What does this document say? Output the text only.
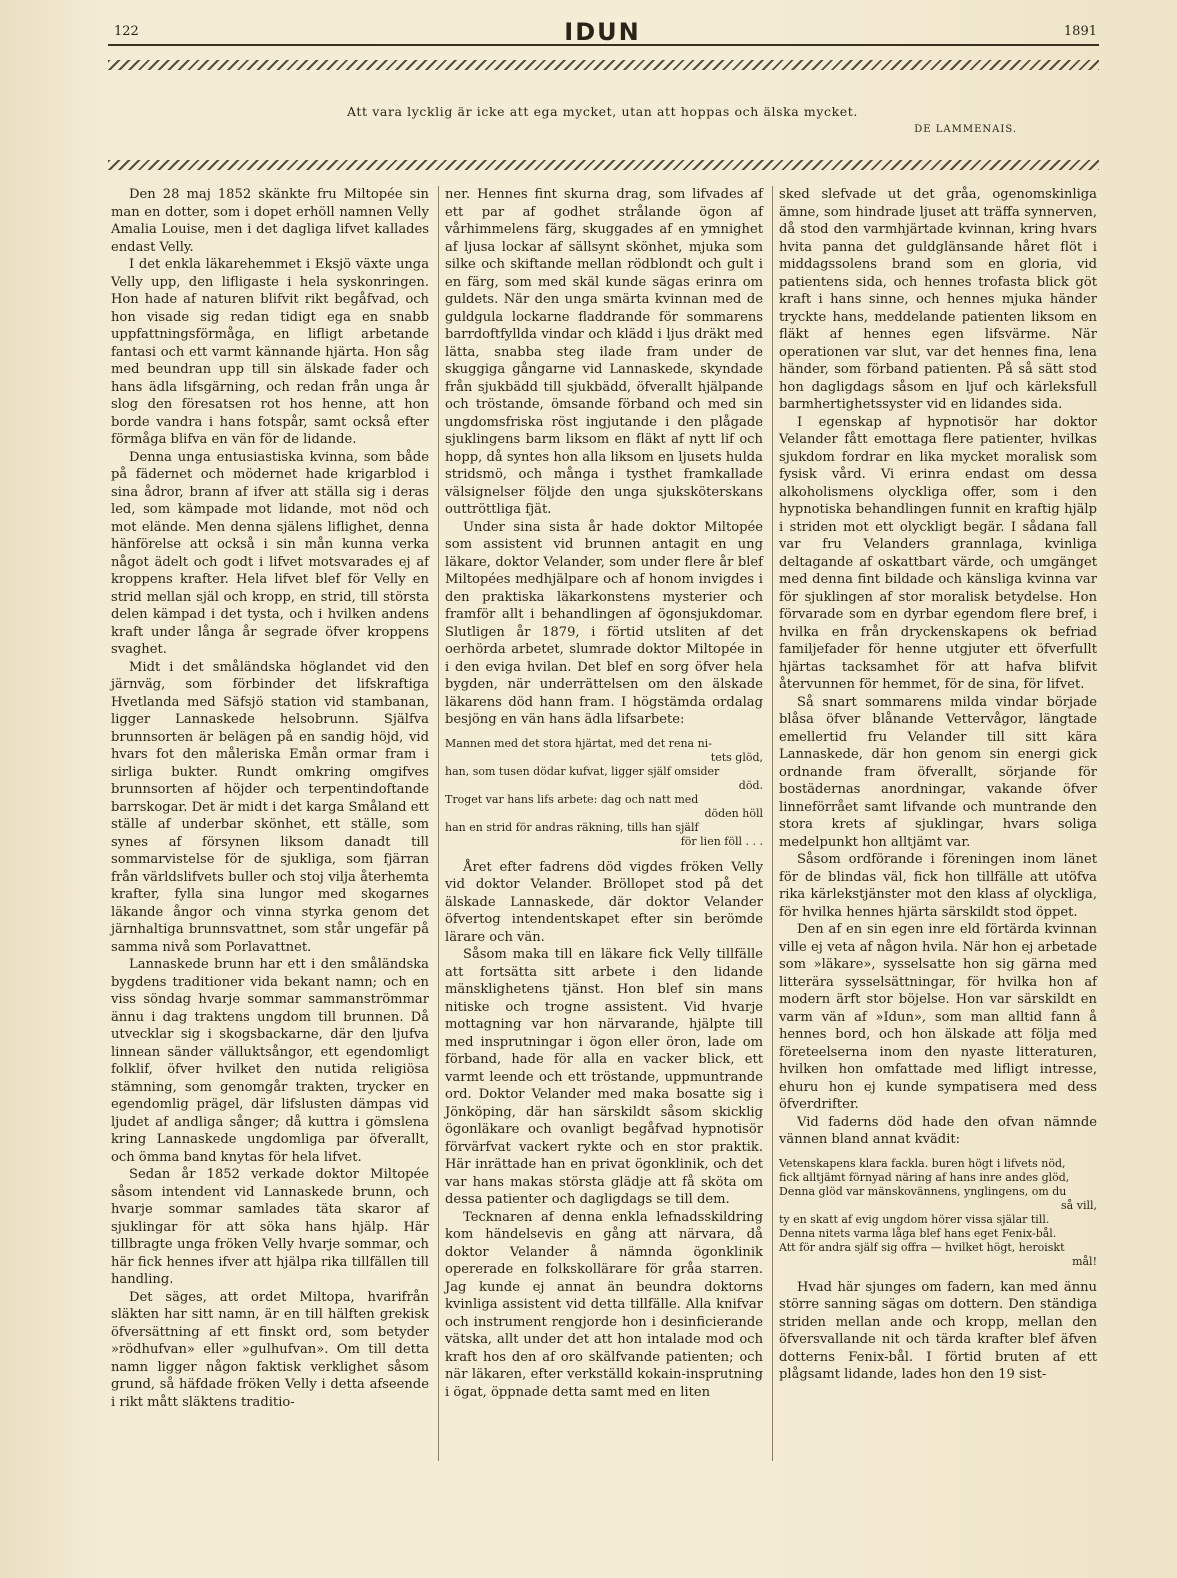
122	IDUN	1891
Att vara lycklig är icke att ega mycket, utan att hoppas och älska mycket.
DE LAMMENAIS.

Den 28 maj 1852 skänkte fru Miltopée sin man en dotter, som i dopet erhöll namnen Velly Amalia Louise, men i det dagliga lifvet kallades endast Velly.

I det enkla läkarehemmet i Eksjö växte unga Velly upp, den lifligaste i hela syskonringen. Hon hade af naturen blifvit rikt begåfvad, och hon visade sig redan tidigt ega en snabb uppfattningsförmåga, en lifligt arbetande fantasi och ett varmt kännande hjärta. Hon såg med beundran upp till sin älskade fader och hans ädla lifsgärning, och redan från unga år slog den föresatsen rot hos henne, att hon borde vandra i hans fotspår, samt också efter förmåga blifva en vän för de lidande.

Denna unga entusiastiska kvinna, som både på fädernet och mödernet hade krigarblod i sina ådror, brann af ifver att ställa sig i deras led, som kämpade mot lidande, mot nöd och mot elände. Men denna själens liflighet, denna hänförelse att också i sin mån kunna verka något ädelt och godt i lifvet motsvarades ej af kroppens krafter. Hela lifvet blef för Velly en strid mellan själ och kropp, en strid, till största delen kämpad i det tysta, och i hvilken andens kraft under långa år segrade öfver kroppens svaghet.

Midt i det småländska höglandet vid den järnväg, som förbinder det lifskraftiga Hvetlanda med Säfsjö station vid stambanan, ligger Lannaskede helsobrunn. Själfva brunnsorten är belägen på en sandig höjd, vid hvars fot den måleriska Emån ormar fram i sirliga bukter. Rundt omkring omgifves brunnsorten af höjder och terpentindoftande barrskogar. Det är midt i det karga Småland ett ställe af underbar skönhet, ett ställe, som synes af försynen liksom danadt till sommarvistelse för de sjukliga, som fjärran från världslifvets buller och stoj vilja återhemta krafter, fylla sina lungor med skogarnes läkande ångor och vinna styrka genom det järnhaltiga brunnsvattnet, som står ungefär på samma nivå som Porlavattnet.

Lannaskede brunn har ett i den småländska bygdens traditioner vida bekant namn; och en viss söndag hvarje sommar sammanströmmar ännu i dag traktens ungdom till brunnen. Då utvecklar sig i skogsbackarne, där den ljufva linnean sänder välluktsångor, ett egendomligt folklif, öfver hvilket den nutida religiösa stämning, som genomgår trakten, trycker en egendomlig prägel, där lifslusten dämpas vid ljudet af andliga sånger; då kuttra i gömslena kring Lannaskede ungdomliga par öfverallt, och ömma band knytas för hela lifvet.

Sedan år 1852 verkade doktor Miltopée såsom intendent vid Lannaskede brunn, och hvarje sommar samlades täta skaror af sjuklingar för att söka hans hjälp. Här tillbragte unga fröken Velly hvarje sommar, och här fick hennes ifver att hjälpa rika tillfällen till handling.

Det säges, att ordet Miltopa, hvarifrån släkten har sitt namn, är en till hälften grekisk öfversättning af ett finskt ord, som betyder »rödhufvan» eller »gulhufvan». Om till detta namn ligger någon faktisk verklighet såsom grund, så häfdade fröken Velly i detta afseende i rikt mått släktens traditio-

ner. Hennes fint skurna drag, som lifvades af ett par af godhet strålande ögon af vårhimmelens färg, skuggades af en ymnighet af ljusa lockar af sällsynt skönhet, mjuka som silke och skiftande mellan rödblondt och gult i en färg, som med skäl kunde sägas erinra om guldets. När den unga smärta kvinnan med de guldgula lockarne fladdrande för sommarens barrdoftfyllda vindar och klädd i ljus dräkt med lätta, snabba steg ilade fram under de skuggiga gångarne vid Lannaskede, skyndade från sjukbädd till sjukbädd, öfverallt hjälpande och tröstande, ömsande förband och med sin ungdomsfriska röst ingjutande i den plågade sjuklingens barm liksom en fläkt af nytt lif och hopp, då syntes hon alla liksom en ljusets hulda stridsmö, och många i tysthet framkallade välsignelser följde den unga sjuksköterskans outtröttliga fjät.

Under sina sista år hade doktor Miltopée som assistent vid brunnen antagit en ung läkare, doktor Velander, som under flere år blef Miltopées medhjälpare och af honom invigdes i den praktiska läkarkonstens mysterier och framför allt i behandlingen af ögonsjukdomar. Slutligen år 1879, i förtid utsliten af det oerhörda arbetet, slumrade doktor Miltopée in i den eviga hvilan. Det blef en sorg öfver hela bygden, när underrättelsen om den älskade läkarens död hann fram. I högstämda ordalag besjöng en vän hans ädla lifsarbete:

Mannen med det stora hjärtat, med det rena ni-
tets glöd,
han, som tusen dödar kufvat, ligger själf omsider
död.
Troget var hans lifs arbete: dag och natt med
döden höll
han en strid för andras räkning, tills han själf
för lien föll . . .

Året efter fadrens död vigdes fröken Velly vid doktor Velander. Bröllopet stod på det älskade Lannaskede, där doktor Velander öfvertog intendentskapet efter sin berömde lärare och vän.

Såsom maka till en läkare fick Velly tillfälle att fortsätta sitt arbete i den lidande mänsklighetens tjänst. Hon blef sin mans nitiske och trogne assistent. Vid hvarje mottagning var hon närvarande, hjälpte till med insprutningar i ögon eller öron, lade om förband, hade för alla en vacker blick, ett varmt leende och ett tröstande, uppmuntrande ord. Doktor Velander med maka bosatte sig i Jönköping, där han särskildt såsom skicklig ögonläkare och ovanligt begåfvad hypnotisör förvärfvat vackert rykte och en stor praktik. Här inrättade han en privat ögonklinik, och det var hans makas största glädje att få sköta om dessa patienter och dagligdags se till dem.

Tecknaren af denna enkla lefnadsskildring kom händelsevis en gång att närvara, då doktor Velander å nämnda ögonklinik opererade en folkskollärare för gråa starren. Jag kunde ej annat än beundra doktorns kvinliga assistent vid detta tillfälle. Alla knifvar och instrument rengjorde hon i desinficierande vätska, allt under det att hon intalade mod och kraft hos den af oro skälfvande patienten; och när läkaren, efter verkställd kokain-insprutning i ögat, öppnade detta samt med en liten

sked slefvade ut det gråa, ogenomskinliga ämne, som hindrade ljuset att träffa synnerven, då stod den varmhjärtade kvinnan, kring hvars hvita panna det guldglänsande håret flöt i middagssolens brand som en gloria, vid patientens sida, och hennes trofasta blick göt kraft i hans sinne, och hennes mjuka händer tryckte hans, meddelande patienten liksom en fläkt af hennes egen lifsvärme. När operationen var slut, var det hennes fina, lena händer, som förband patienten. På så sätt stod hon dagligdags såsom en ljuf och kärleksfull barmhertighetssyster vid en lidandes sida.

I egenskap af hypnotisör har doktor Velander fått emottaga flere patienter, hvilkas sjukdom fordrar en lika mycket moralisk som fysisk vård. Vi erinra endast om dessa alkoholismens olyckliga offer, som i den hypnotiska behandlingen funnit en kraftig hjälp i striden mot ett olyckligt begär. I sådana fall var fru Velanders grannlaga, kvinliga deltagande af oskattbart värde, och umgänget med denna fint bildade och känsliga kvinna var för sjuklingen af stor moralisk betydelse. Hon förvarade som en dyrbar egendom flere bref, i hvilka en från dryckenskapens ok befriad familjefader för henne utgjuter ett öfverfullt hjärtas tacksamhet för att hafva blifvit återvunnen för hemmet, för de sina, för lifvet.

Så snart sommarens milda vindar började blåsa öfver blånande Vettervågor, längtade emellertid fru Velander till sitt kära Lannaskede, där hon genom sin energi gick ordnande fram öfverallt, sörjande för bostädernas anordningar, vakande öfver linneförrået samt lifvande och muntrande den stora krets af sjuklingar, hvars soliga medelpunkt hon alltjämt var.

Såsom ordförande i föreningen inom länet för de blindas väl, fick hon tillfälle att utöfva rika kärlekstjänster mot den klass af olyckliga, för hvilka hennes hjärta särskildt stod öppet.

Den af en sin egen inre eld förtärda kvinnan ville ej veta af någon hvila. När hon ej arbetade som »läkare», sysselsatte hon sig gärna med litterära sysselsättningar, för hvilka hon af modern ärft stor böjelse. Hon var särskildt en varm vän af »Idun», som man alltid fann å hennes bord, och hon älskade att följa med företeelserna inom den nyaste litteraturen, hvilken hon omfattade med lifligt intresse, ehuru hon ej kunde sympatisera med dess öfverdrifter.

Vid faderns död hade den ofvan nämnde vännen bland annat kvädit:

Vetenskapens klara fackla. buren högt i lifvets nöd,
fick alltjämt förnyad näring af hans inre andes glöd,
Denna glöd var mänskovännens, ynglingens, om du
så vill,
ty en skatt af evig ungdom hörer vissa själar till.
Denna nitets varma låga blef hans eget Fenix-bål.
Att för andra själf sig offra — hvilket högt, heroiskt
mål!

Hvad här sjunges om fadern, kan med ännu större sanning sägas om dottern. Den ständiga striden mellan ande och kropp, mellan den öfversvallande nit och tärda krafter blef äfven dotterns Fenix-bål. I förtid bruten af ett plågsamt lidande, lades hon den 19 sist-
